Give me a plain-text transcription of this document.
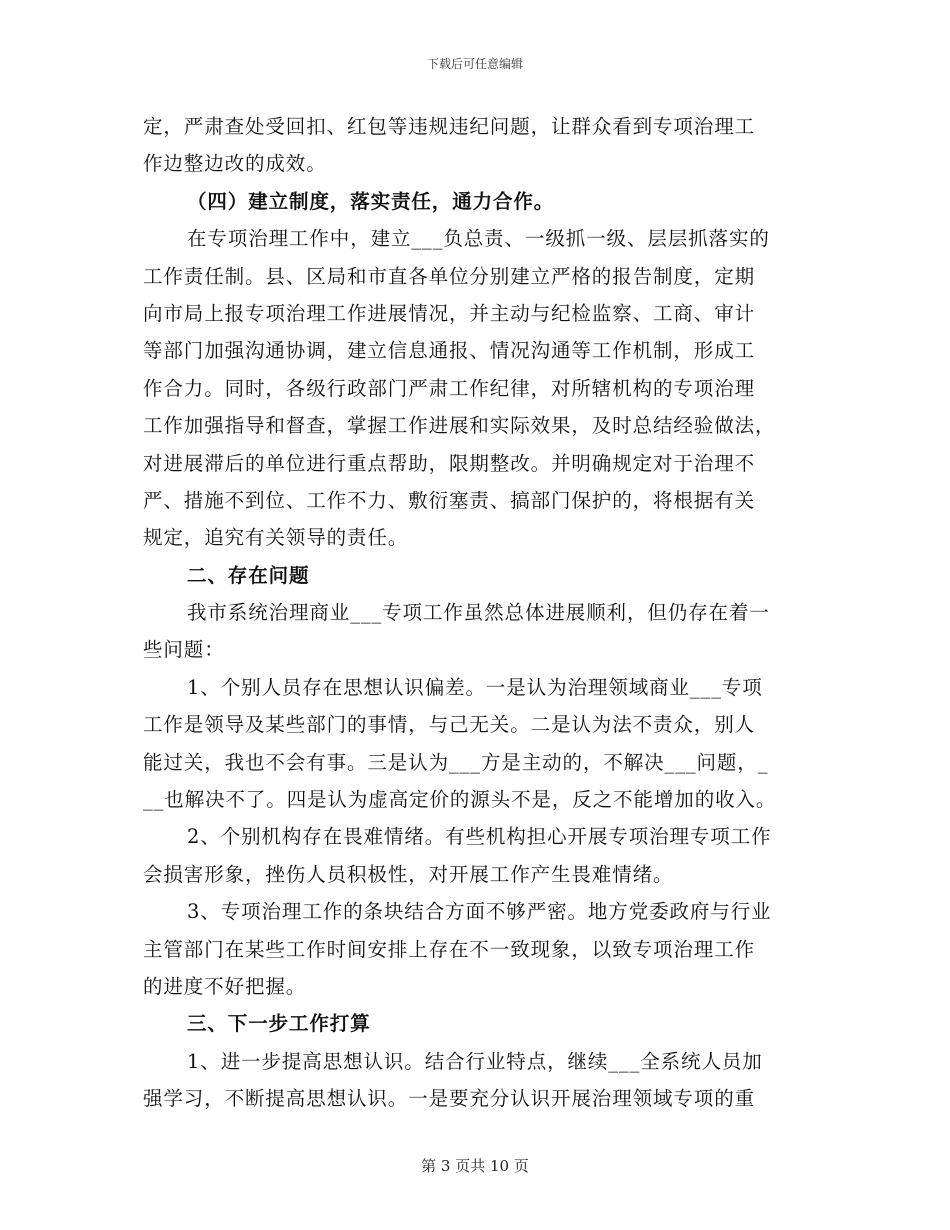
下载后可任意编辑
定，严肃查处受回扣、红包等违规违纪问题，让群众看到专项治理工
作边整边改的成效。
（四）建立制度，落实责任，通力合作。
在专项治理工作中，建立___负总责、一级抓一级、层层抓落实的
工作责任制。县、区局和市直各单位分别建立严格的报告制度，定期
向市局上报专项治理工作进展情况，并主动与纪检监察、工商、审计
等部门加强沟通协调，建立信息通报、情况沟通等工作机制，形成工
作合力。同时，各级行政部门严肃工作纪律，对所辖机构的专项治理
工作加强指导和督查，掌握工作进展和实际效果，及时总结经验做法，
对进展滞后的单位进行重点帮助，限期整改。并明确规定对于治理不
严、措施不到位、工作不力、敷衍塞责、搞部门保护的，将根据有关
规定，追究有关领导的责任。
二、存在问题
我市系统治理商业___专项工作虽然总体进展顺利，但仍存在着一
些问题：
1、个别人员存在思想认识偏差。一是认为治理领域商业___专项
工作是领导及某些部门的事情，与己无关。二是认为法不责众，别人
能过关，我也不会有事。三是认为___方是主动的，不解决___问题，_
__也解决不了。四是认为虚高定价的源头不是，反之不能增加的收入。
2、个别机构存在畏难情绪。有些机构担心开展专项治理专项工作
会损害形象，挫伤人员积极性，对开展工作产生畏难情绪。
3、专项治理工作的条块结合方面不够严密。地方党委政府与行业
主管部门在某些工作时间安排上存在不一致现象，以致专项治理工作
的进度不好把握。
三、下一步工作打算
1、进一步提高思想认识。结合行业特点，继续___全系统人员加
强学习，不断提高思想认识。一是要充分认识开展治理领域专项的重
第 3 页共 10 页
